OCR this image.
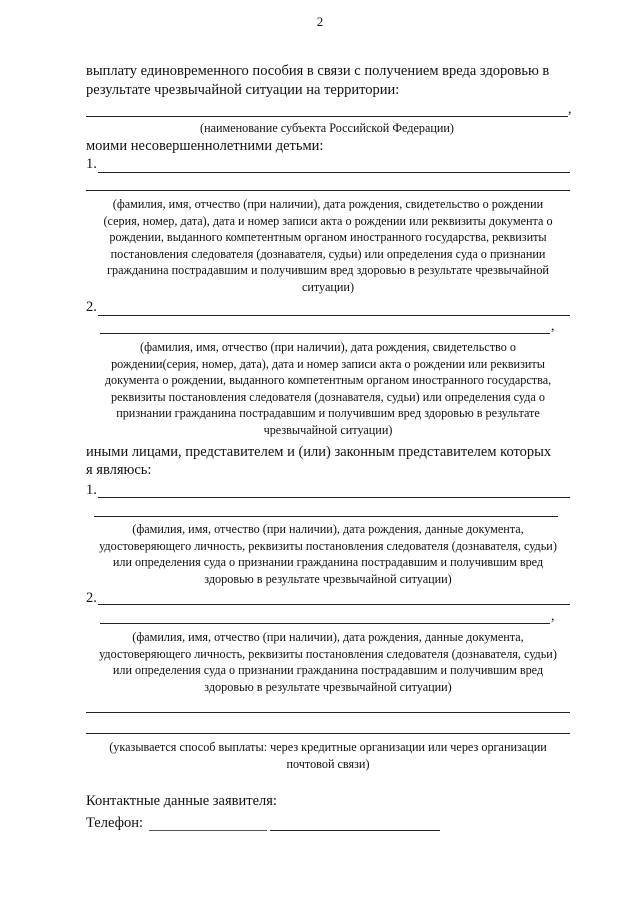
2
выплату единовременного пособия в связи с получением вреда здоровью в
результате чрезвычайной ситуации на территории:
,
(наименование субъекта Российской Федерации)
моими несовершеннолетними детьми:
1.
(фамилия, имя, отчество (при наличии), дата рождения, свидетельство о рождении
(серия, номер, дата), дата и номер записи акта о рождении или реквизиты документа о
рождении, выданного компетентным органом иностранного государства, реквизиты
постановления следователя (дознавателя, судьи) или определения суда о признании
гражданина пострадавшим и получившим вред здоровью в результате чрезвычайной
ситуации)
2.
,
(фамилия, имя, отчество (при наличии), дата рождения, свидетельство о
рождении(серия, номер, дата), дата и номер записи акта о рождении или реквизиты
документа о рождении, выданного компетентным органом иностранного государства,
реквизиты постановления следователя (дознавателя, судьи) или определения суда о
признании гражданина пострадавшим и получившим вред здоровью в результате
чрезвычайной ситуации)
иными лицами, представителем и (или) законным представителем которых
я являюсь:
1.
(фамилия, имя, отчество (при наличии), дата рождения, данные документа,
удостоверяющего личность, реквизиты постановления следователя (дознавателя, судьи)
или определения суда о признании гражданина пострадавшим и получившим вред
здоровью в результате чрезвычайной ситуации)
2.
,
(фамилия, имя, отчество (при наличии), дата рождения, данные документа,
удостоверяющего личность, реквизиты постановления следователя (дознавателя, судьи)
или определения суда о признании гражданина пострадавшим и получившим вред
здоровью в результате чрезвычайной ситуации)
(указывается способ выплаты: через кредитные организации или через организации
почтовой связи)
Контактные данные заявителя:
Телефон:
